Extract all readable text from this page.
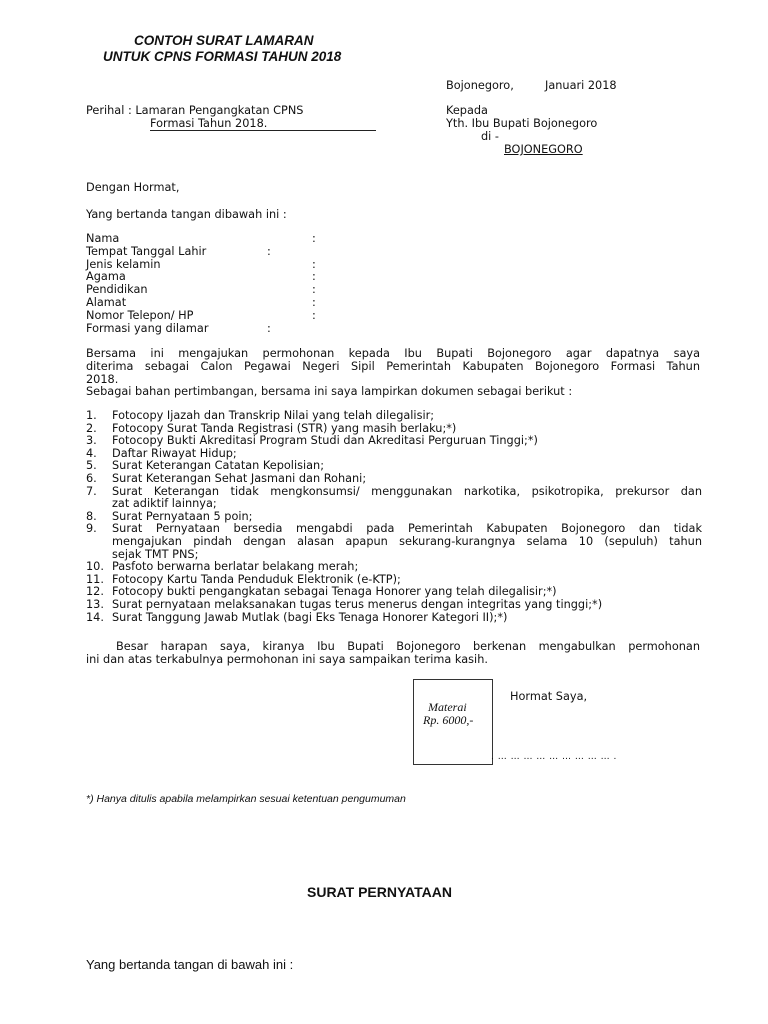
CONTOH SURAT LAMARAN
UNTUK CPNS FORMASI TAHUN 2018
Bojonegoro,	Januari 2018
Perihal : Lamaran Pengangkatan CPNS
Formasi Tahun 2018.
Kepada
Yth. Ibu Bupati Bojonegoro
di -
BOJONEGORO
Dengan Hormat,
Yang bertanda tangan dibawah ini :
Nama	:
Tempat Tanggal Lahir	:
Jenis kelamin	:
Agama	:
Pendidikan	:
Alamat	:
Nomor Telepon/ HP	:
Formasi yang dilamar	:
Bersama ini mengajukan permohonan kepada Ibu Bupati Bojonegoro agar dapatnya saya
diterima sebagai Calon Pegawai Negeri Sipil Pemerintah Kabupaten Bojonegoro Formasi Tahun
2018.
Sebagai bahan pertimbangan, bersama ini saya lampirkan dokumen sebagai berikut :
1.	Fotocopy Ijazah dan Transkrip Nilai yang telah dilegalisir;
2.	Fotocopy Surat Tanda Registrasi (STR) yang masih berlaku;*)
3.	Fotocopy Bukti Akreditasi Program Studi dan Akreditasi Perguruan Tinggi;*)
4.	Daftar Riwayat Hidup;
5.	Surat Keterangan Catatan Kepolisian;
6.	Surat Keterangan Sehat Jasmani dan Rohani;
7.	Surat Keterangan tidak mengkonsumsi/ menggunakan narkotika, psikotropika, prekursor dan
zat adiktif lainnya;
8.	Surat Pernyataan 5 poin;
9.	Surat Pernyataan bersedia mengabdi pada Pemerintah Kabupaten Bojonegoro dan tidak
mengajukan pindah dengan alasan apapun sekurang-kurangnya selama 10 (sepuluh) tahun
sejak TMT PNS;
10. Pasfoto berwarna berlatar belakang merah;
11. Fotocopy Kartu Tanda Penduduk Elektronik (e-KTP);
12. Fotocopy bukti pengangkatan sebagai Tenaga Honorer yang telah dilegalisir;*)
13. Surat pernyataan melaksanakan tugas terus menerus dengan integritas yang tinggi;*)
14. Surat Tanggung Jawab Mutlak (bagi Eks Tenaga Honorer Kategori II);*)
Besar harapan saya, kiranya Ibu Bupati Bojonegoro berkenan mengabulkan permohonan
ini dan atas terkabulnya permohonan ini saya sampaikan terima kasih.
Materai
Rp. 6000,-
Hormat Saya,
. … … … … … … … … … .
*) Hanya ditulis apabila melampirkan sesuai ketentuan pengumuman
SURAT PERNYATAAN
Yang bertanda tangan di bawah ini :
